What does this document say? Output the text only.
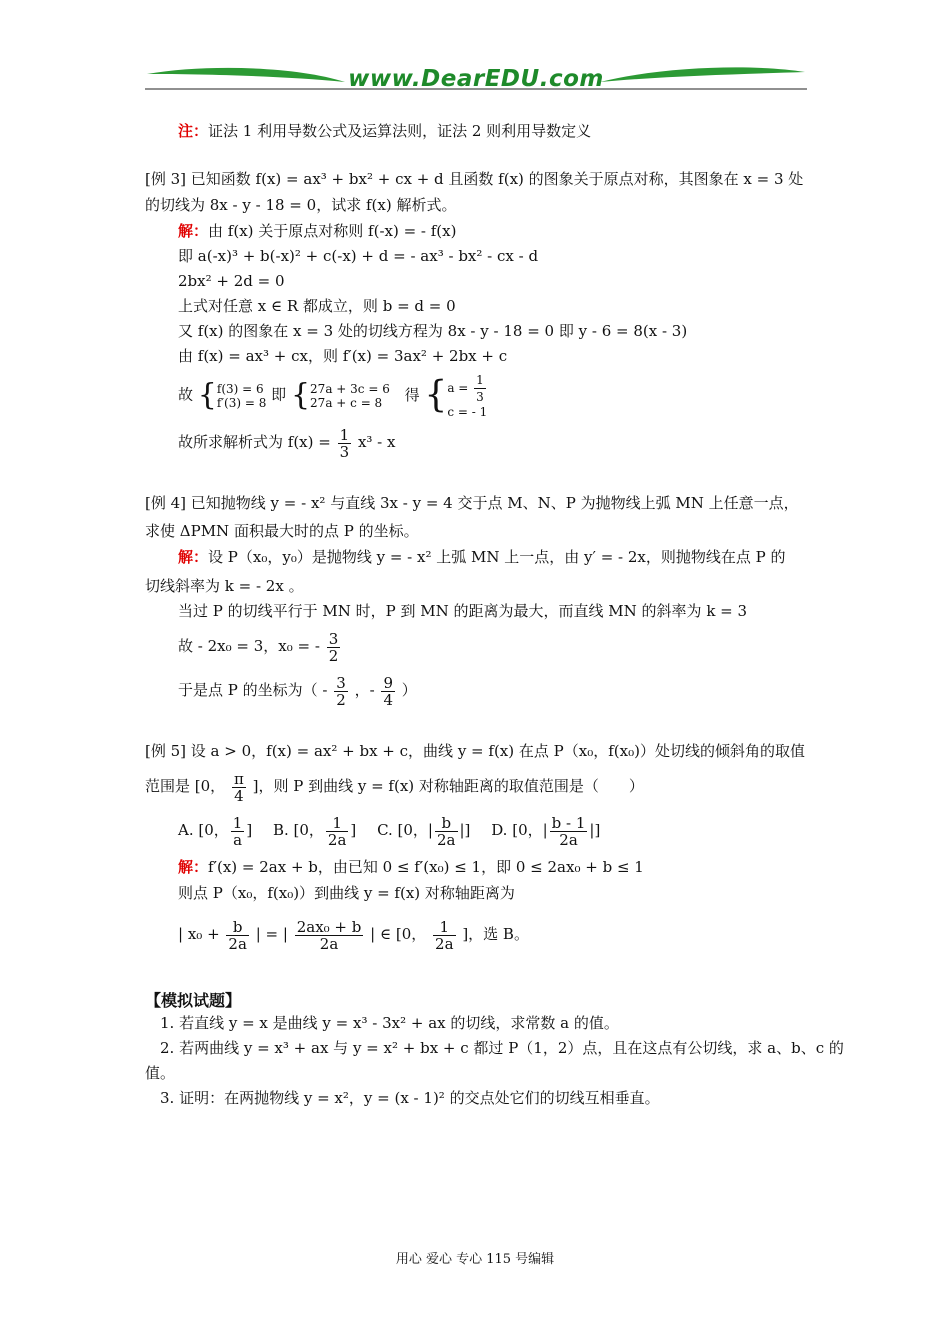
www.DearEDU.com
注：证法 1 利用导数公式及运算法则，证法 2 则利用导数定义
[例 3] 已知函数 f(x) = ax³ + bx² + cx + d 且函数 f(x) 的图象关于原点对称，其图象在 x = 3 处
的切线为 8x - y - 18 = 0，试求 f(x) 解析式。
解：由 f(x) 关于原点对称则 f(-x) = - f(x)
即 a(-x)³ + b(-x)² + c(-x) + d = - ax³ - bx² - cx - d
2bx² + 2d = 0
上式对任意 x ∈ R 都成立，则 b = d = 0
又 f(x) 的图象在 x = 3 处的切线方程为 8x - y - 18 = 0 即 y - 6 = 8(x - 3)
由 f(x) = ax³ + cx，则 f′(x) = 3ax² + 2bx + c
故 { f(3) = 6
f′(3) = 8 即 { 27a + 3c = 6
27a + c = 8	得 { $a = \frac{1}{3}$
c = - 1
故所求解析式为 $f(x) = \frac{1}{3} x^3 - x$
[例 4] 已知抛物线 y = - x² 与直线 3x - y = 4 交于点 M、N、P 为抛物线上弧 MN 上任意一点，
求使 ΔPMN 面积最大时的点 P 的坐标。
解：设 P（x₀，y₀）是抛物线 y = - x² 上弧 MN 上一点，由 y′ = - 2x，则抛物线在点 P 的
切线斜率为 k = - 2x 。
当过 P 的切线平行于 MN 时，P 到 MN 的距离为最大，而直线 MN 的斜率为 k = 3
故 - 2x₀ = 3，x₀ = - $\frac{3}{2}$
于是点 P 的坐标为（ - $\frac{3}{2}$ ，- $\frac{9}{4}$ ）
[例 5] 设 a > 0，f(x) = ax² + bx + c，曲线 y = f(x) 在点 P（x₀，f(x₀)）处切线的倾斜角的取值
范围是 [0， $\frac{\pi}{4}$ ]，则 P 到曲线 y = f(x) 对称轴距离的取值范围是（　　）
A. [0， $\frac{1}{a}$ ] B. [0， $\frac{1}{2a}$ ] C. [0，| $\frac{b}{2a}$ |] D. [0，| $\frac{b - 1}{2a}$ |]
解：f′(x) = 2ax + b，由已知 0 ≤ f′(x₀) ≤ 1，即 0 ≤ 2ax₀ + b ≤ 1
则点 P（x₀，f(x₀)）到曲线 y = f(x) 对称轴距离为
| $x_0 + \frac{b}{2a}$ | = | $\frac{\text{2ax₀ + b}}{2a}$ | ∈ [0， $\frac{1}{2a}$ ]，选 B。
【模拟试题】
1. 若直线 y = x 是曲线 y = x³ - 3x² + ax 的切线，求常数 a 的值。
2. 若两曲线 y = x³ + ax 与 y = x² + bx + c 都过 P（1，2）点，且在这点有公切线，求 a、b、c 的
值。
3. 证明：在两抛物线 y = x²，y = (x - 1)² 的交点处它们的切线互相垂直。
用心 爱心 专心 115 号编辑
